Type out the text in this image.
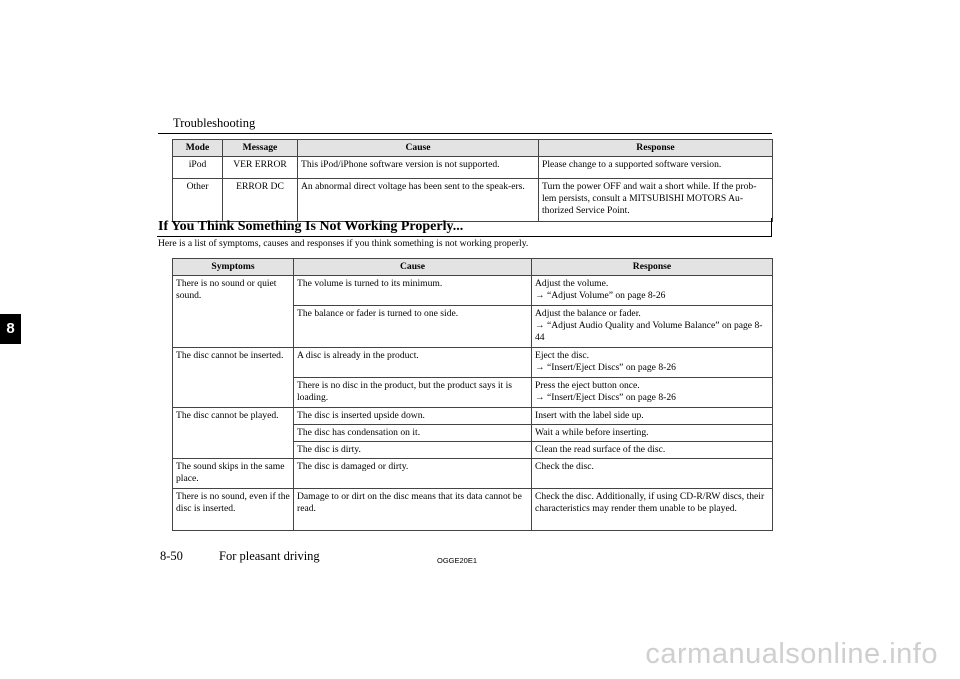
Troubleshooting
8
Mode	Message	Cause	Response
iPod	VER ERROR	This iPod/iPhone software version is not supported.	Please change to a supported software version.
Other	ERROR DC	An abnormal direct voltage has been sent to the speak-ers.	Turn the power OFF and wait a short while. If the prob-lem persists, consult a MITSUBISHI MOTORS Au-thorized Service Point.
If You Think Something Is Not Working Properly...
Here is a list of symptoms, causes and responses if you think something is not working properly.
Symptoms	Cause	Response
There is no sound or quiet sound.	The volume is turned to its minimum.	Adjust the volume.
→ “Adjust Volume” on page 8-26

	The balance or fader is turned to one side.	Adjust the balance or fader.
→ “Adjust Audio Quality and Volume Balance” on page 8-44

The disc cannot be inserted.	A disc is already in the product.	Eject the disc.
→ “Insert/Eject Discs” on page 8-26

	There is no disc in the product, but the product says it is loading.	Press the eject button once.
→ “Insert/Eject Discs” on page 8-26

The disc cannot be played.	The disc is inserted upside down.	Insert with the label side up.
	The disc has condensation on it.	Wait a while before inserting.
	The disc is dirty.	Clean the read surface of the disc.
The sound skips in the same place.	The disc is damaged or dirty.	Check the disc.
There is no sound, even if the disc is inserted.	Damage to or dirt on the disc means that its data cannot be read.	Check the disc. Additionally, if using CD-R/RW discs, their characteristics may render them unable to be played.
8-50	For pleasant driving	OGGE20E1
carmanualsonline.info
